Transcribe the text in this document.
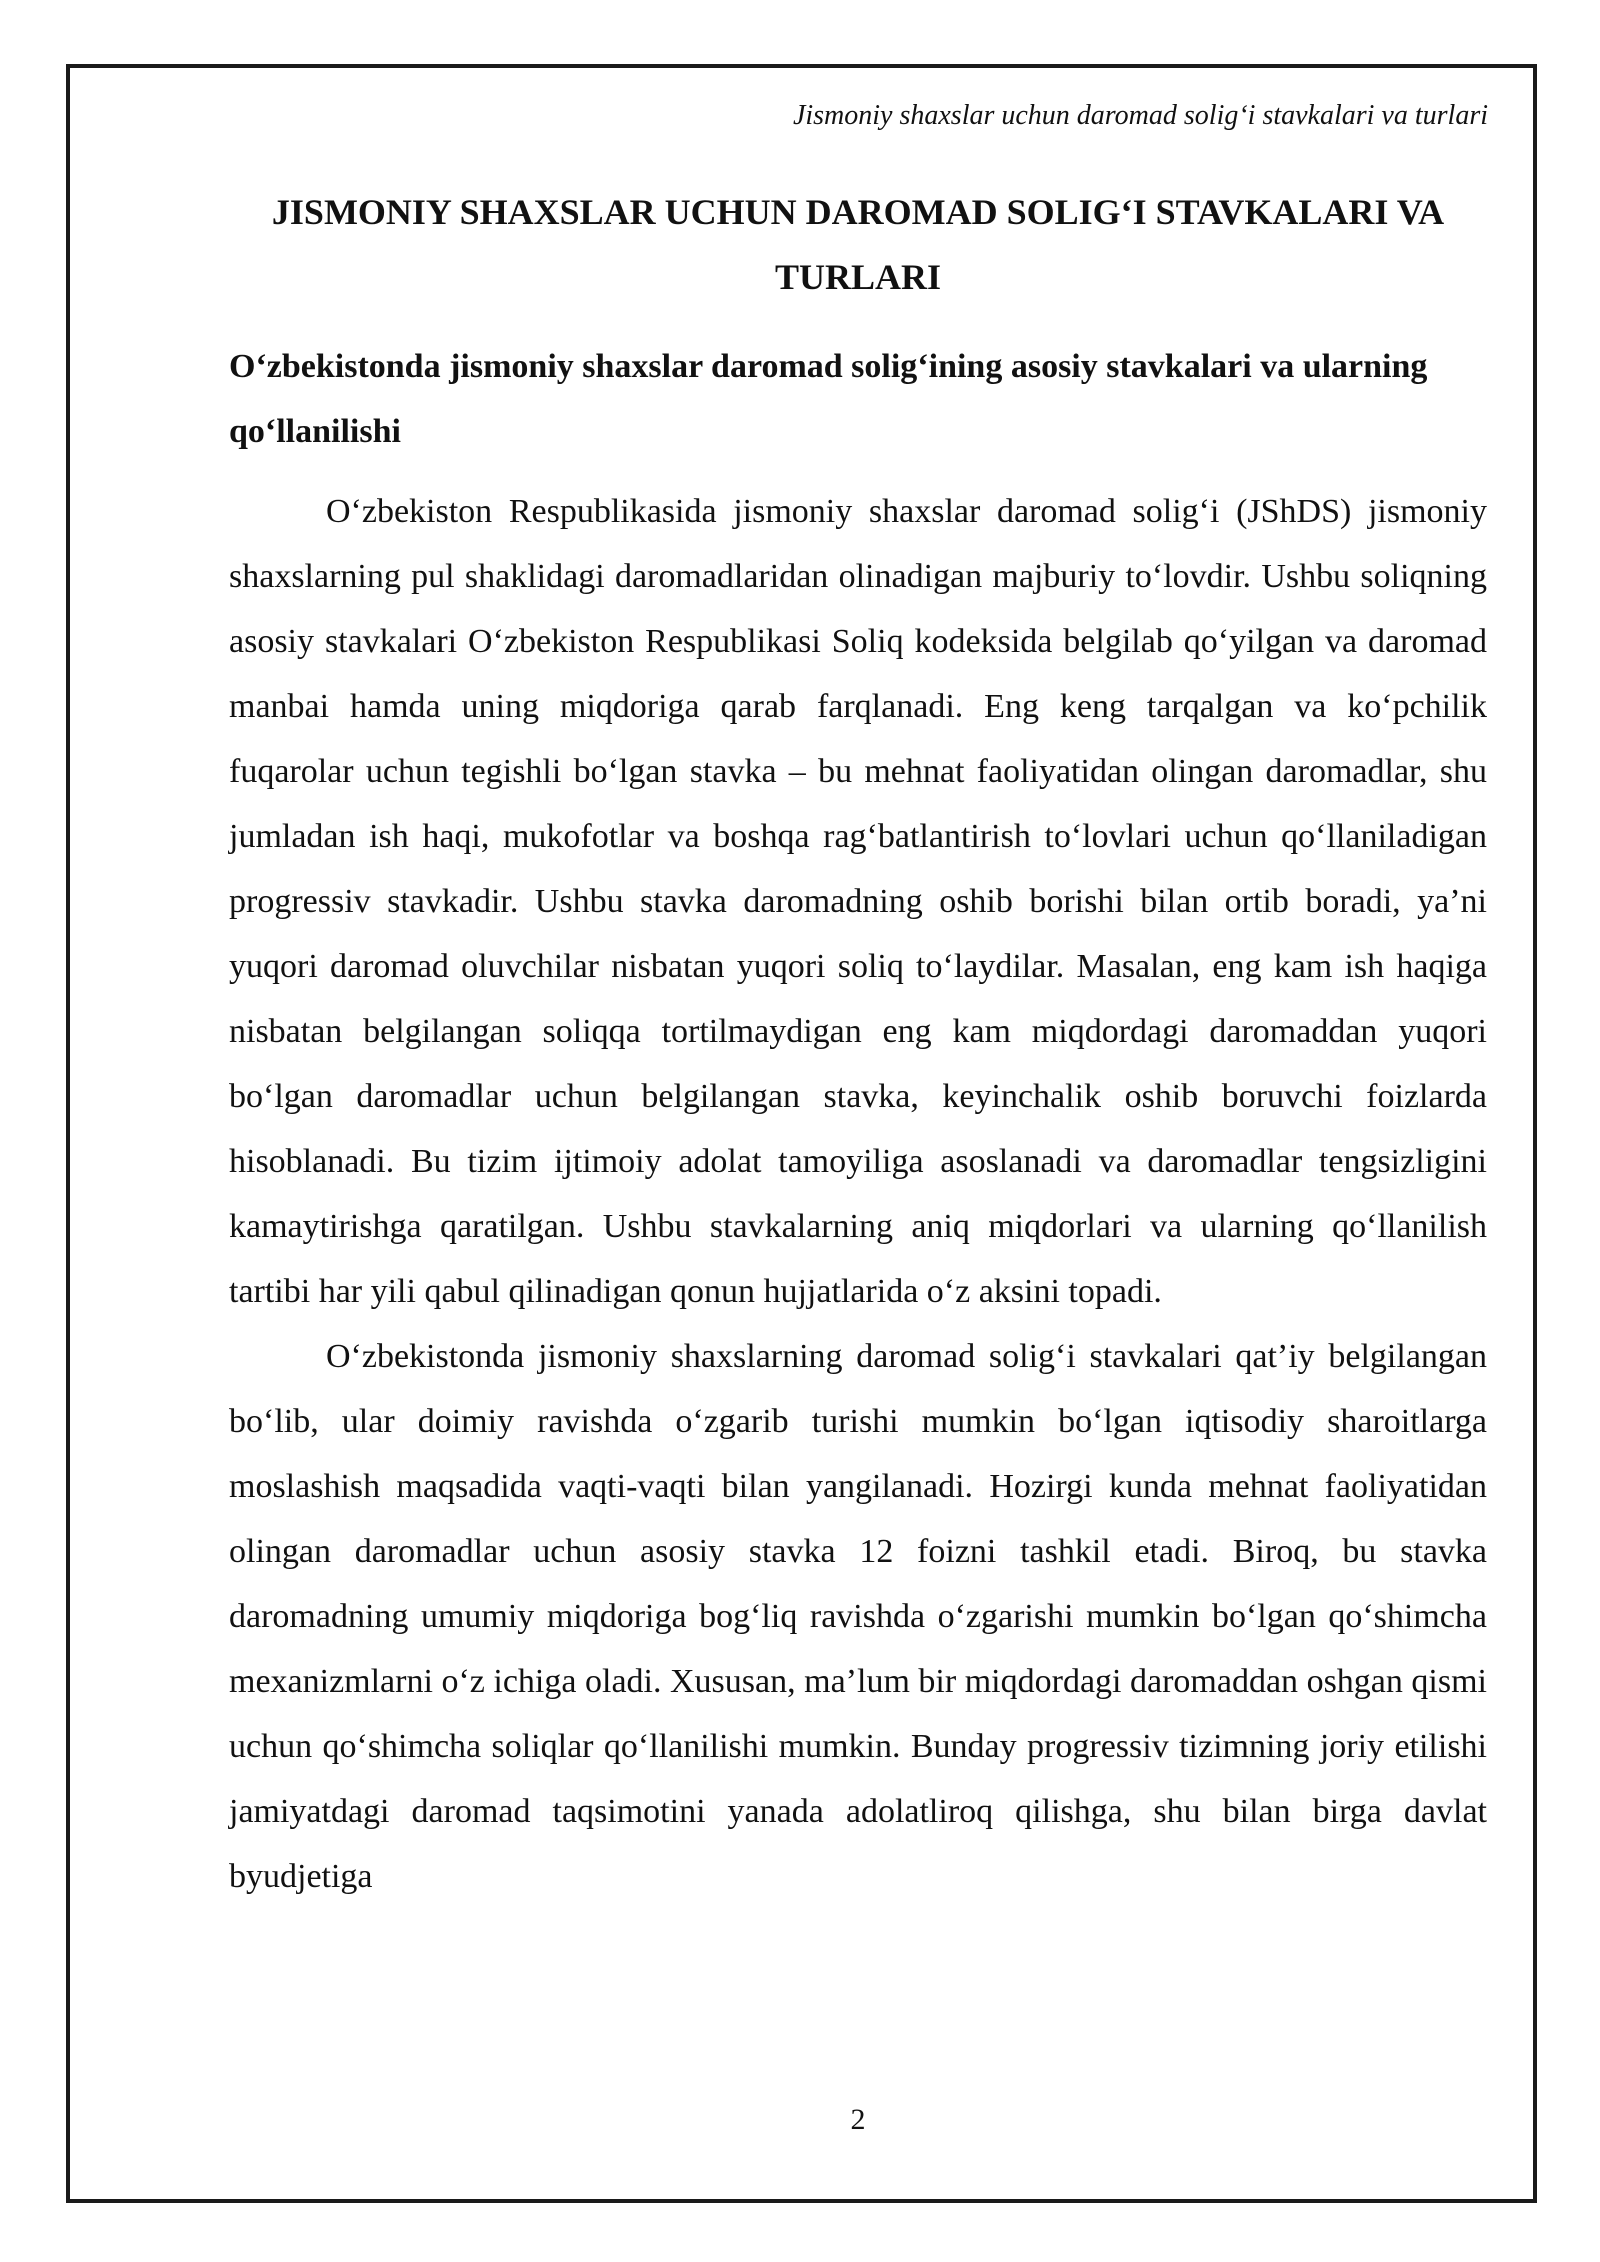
Jismoniy shaxslar uchun daromad solig‘i stavkalari va turlari
JISMONIY SHAXSLAR UCHUN DAROMAD SOLIG‘I STAVKALARI VA TURLARI
O‘zbekistonda jismoniy shaxslar daromad solig‘ining asosiy stavkalari va ularning qo‘llanilishi

O‘zbekiston Respublikasida jismoniy shaxslar daromad solig‘i (JShDS) jismoniy shaxslarning pul shaklidagi daromadlaridan olinadigan majburiy to‘lovdir. Ushbu soliqning asosiy stavkalari O‘zbekiston Respublikasi Soliq kodeksida belgilab qo‘yilgan va daromad manbai hamda uning miqdoriga qarab farqlanadi. Eng keng tarqalgan va ko‘pchilik fuqarolar uchun tegishli bo‘lgan stavka – bu mehnat faoliyatidan olingan daromadlar, shu jumladan ish haqi, mukofotlar va boshqa rag‘batlantirish to‘lovlari uchun qo‘llaniladigan progressiv stavkadir. Ushbu stavka daromadning oshib borishi bilan ortib boradi, ya’ni yuqori daromad oluvchilar nisbatan yuqori soliq to‘laydilar. Masalan, eng kam ish haqiga nisbatan belgilangan soliqqa tortilmaydigan eng kam miqdordagi daromaddan yuqori bo‘lgan daromadlar uchun belgilangan stavka, keyinchalik oshib boruvchi foizlarda hisoblanadi. Bu tizim ijtimoiy adolat tamoyiliga asoslanadi va daromadlar tengsizligini kamaytirishga qaratilgan. Ushbu stavkalarning aniq miqdorlari va ularning qo‘llanilish tartibi har yili qabul qilinadigan qonun hujjatlarida o‘z aksini topadi.

O‘zbekistonda jismoniy shaxslarning daromad solig‘i stavkalari qat’iy belgilangan bo‘lib, ular doimiy ravishda o‘zgarib turishi mumkin bo‘lgan iqtisodiy sharoitlarga moslashish maqsadida vaqti-vaqti bilan yangilanadi. Hozirgi kunda mehnat faoliyatidan olingan daromadlar uchun asosiy stavka 12 foizni tashkil etadi. Biroq, bu stavka daromadning umumiy miqdoriga bog‘liq ravishda o‘zgarishi mumkin bo‘lgan qo‘shimcha mexanizmlarni o‘z ichiga oladi. Xususan, ma’lum bir miqdordagi daromaddan oshgan qismi uchun qo‘shimcha soliqlar qo‘llanilishi mumkin. Bunday progressiv tizimning joriy etilishi jamiyatdagi daromad taqsimotini yanada adolatliroq qilishga, shu bilan birga davlat byudjetiga

2
